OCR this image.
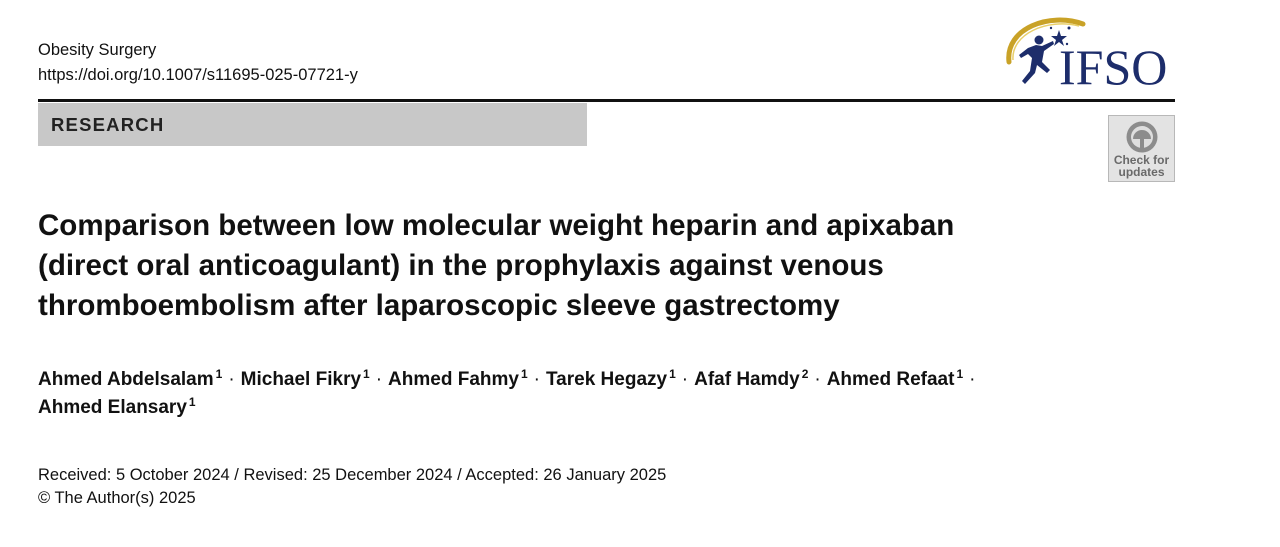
Obesity Surgery
https://doi.org/10.1007/s11695-025-07721-y	IFSO
RESEARCH
Check for
updates
Comparison between low molecular weight heparin and apixaban (direct oral anticoagulant) in the prophylaxis against venous thromboembolism after laparoscopic sleeve gastrectomy
Ahmed Abdelsalam $^1$ · Michael Fikry $^1$ · Ahmed Fahmy $^1$ · Tarek Hegazy $^1$ · Afaf Hamdy $^2$ · Ahmed Refaat $^1$ ·
Ahmed Elansary $^1$
Received: 5 October 2024 / Revised: 25 December 2024 / Accepted: 26 January 2025
© The Author(s) 2025
